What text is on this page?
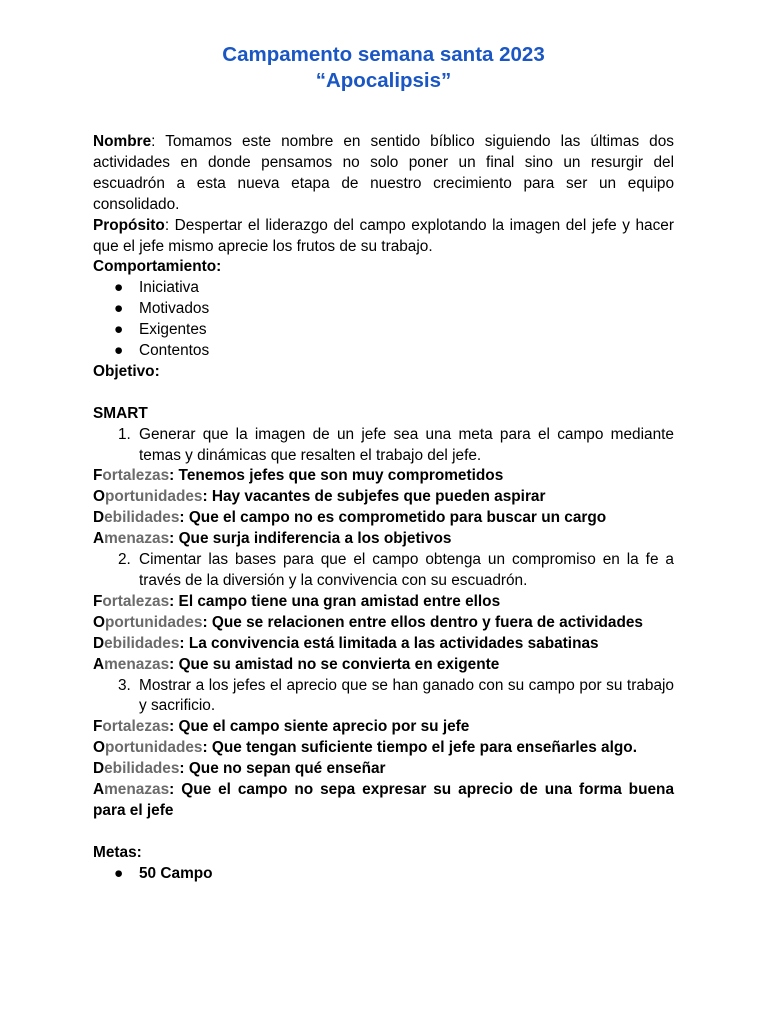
Campamento semana santa 2023
“Apocalipsis”

Nombre: Tomamos este nombre en sentido bíblico siguiendo las últimas dos actividades en donde pensamos no solo poner un final sino un resurgir del escuadrón a esta nueva etapa de nuestro crecimiento para ser un equipo consolidado.

Propósito: Despertar el liderazgo del campo explotando la imagen del jefe y hacer que el jefe mismo aprecie los frutos de su trabajo.

Comportamiento:

● Iniciativa
● Motivados
● Exigentes
● Contentos

Objetivo:

SMART

1. Generar que la imagen de un jefe sea una meta para el campo mediante temas y dinámicas que resalten el trabajo del jefe.

Fortalezas: Tenemos jefes que son muy comprometidos

Oportunidades: Hay vacantes de subjefes que pueden aspirar

Debilidades: Que el campo no es comprometido para buscar un cargo

Amenazas: Que surja indiferencia a los objetivos

2. Cimentar las bases para que el campo obtenga un compromiso en la fe a través de la diversión y la convivencia con su escuadrón.

Fortalezas: El campo tiene una gran amistad entre ellos

Oportunidades: Que se relacionen entre ellos dentro y fuera de actividades

Debilidades: La convivencia está limitada a las actividades sabatinas

Amenazas: Que su amistad no se convierta en exigente

3. Mostrar a los jefes el aprecio que se han ganado con su campo por su trabajo y sacrificio.

Fortalezas: Que el campo siente aprecio por su jefe

Oportunidades: Que tengan suficiente tiempo el jefe para enseñarles algo.

Debilidades: Que no sepan qué enseñar

Amenazas: Que el campo no sepa expresar su aprecio de una forma buena para el jefe

Metas:

● 50 Campo
